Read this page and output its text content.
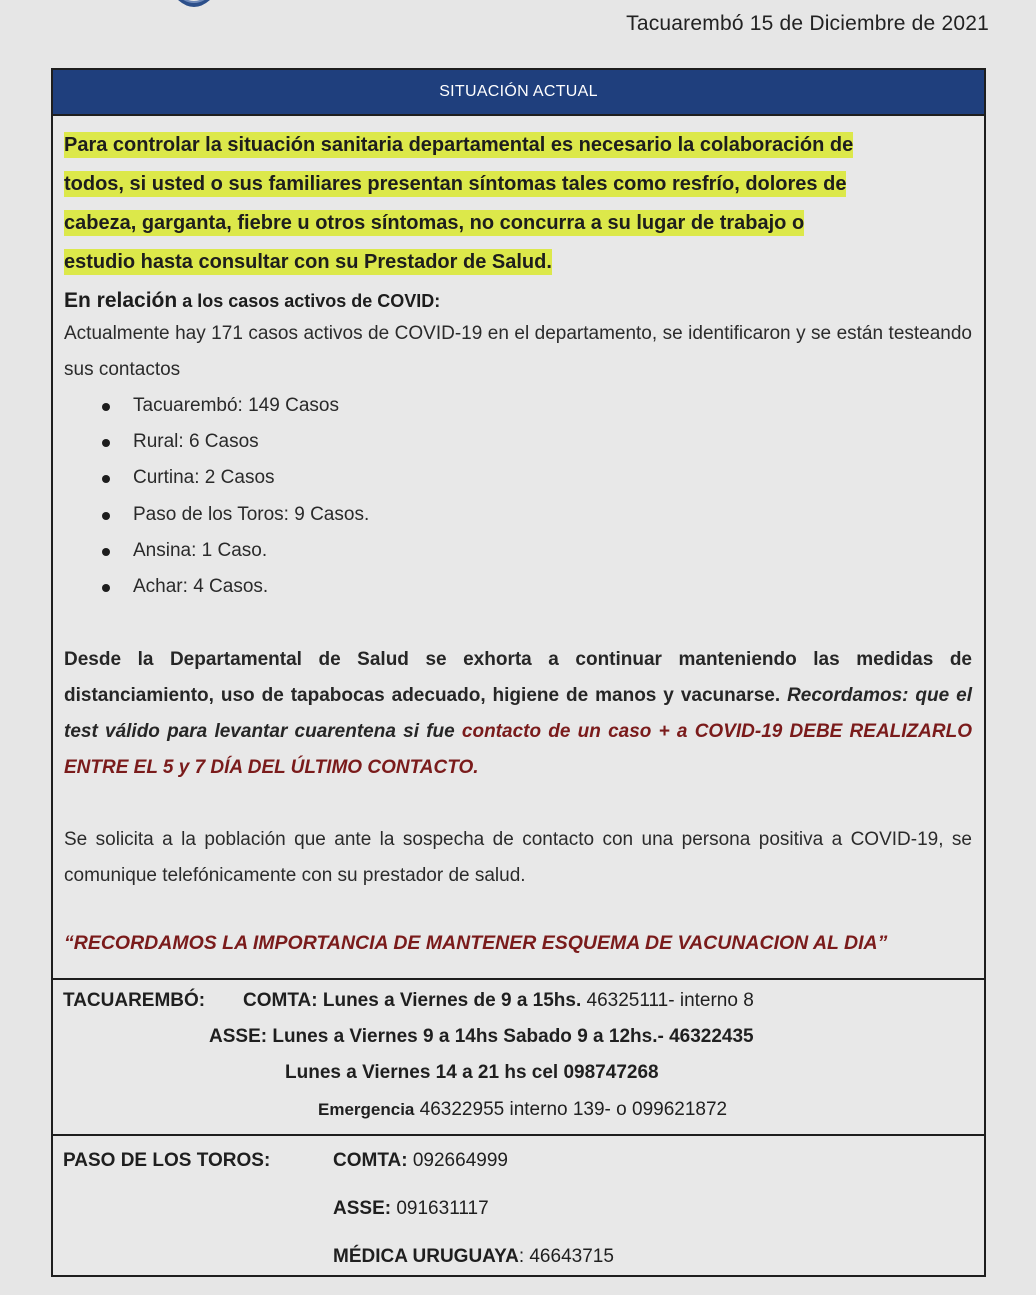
Tacuarembó 15 de Diciembre de 2021
SITUACIÓN ACTUAL

Para controlar la situación sanitaria departamental es necesario la colaboración de
todos, si usted o sus familiares presentan síntomas tales como resfrío, dolores de
cabeza, garganta, fiebre u otros síntomas, no concurra a su lugar de trabajo o
estudio hasta consultar con su Prestador de Salud.

En relación a los casos activos de COVID:

Actualmente hay 171 casos activos de COVID-19 en el departamento, se identificaron y se están testeando sus contactos

Tacuarembó: 149 Casos
Rural: 6 Casos
Curtina: 2 Casos
Paso de los Toros: 9 Casos.
Ansina: 1 Caso.
Achar: 4 Casos.

Desde la Departamental de Salud se exhorta a continuar manteniendo las medidas de distanciamiento, uso de tapabocas adecuado, higiene de manos y vacunarse. Recordamos: que el test válido para levantar cuarentena si fue contacto de un caso + a COVID-19 DEBE REALIZARLO ENTRE EL 5 y 7 DÍA DEL ÚLTIMO CONTACTO.

Se solicita a la población que ante la sospecha de contacto con una persona positiva a COVID-19, se comunique telefónicamente con su prestador de salud.

“RECORDAMOS LA IMPORTANCIA DE MANTENER ESQUEMA DE VACUNACION AL DIA”

TACUAREMBÓ: COMTA: Lunes a Viernes de 9 a 15hs. 46325111- interno 8
ASSE: Lunes a Viernes 9 a 14hs Sabado 9 a 12hs.- 46322435
Lunes a Viernes 14 a 21 hs cel 098747268
Emergencia 46322955 interno 139- o 099621872
PASO DE LOS TOROS:	COMTA: 092664999
ASSE: 091631117
MÉDICA URUGUAYA: 46643715
